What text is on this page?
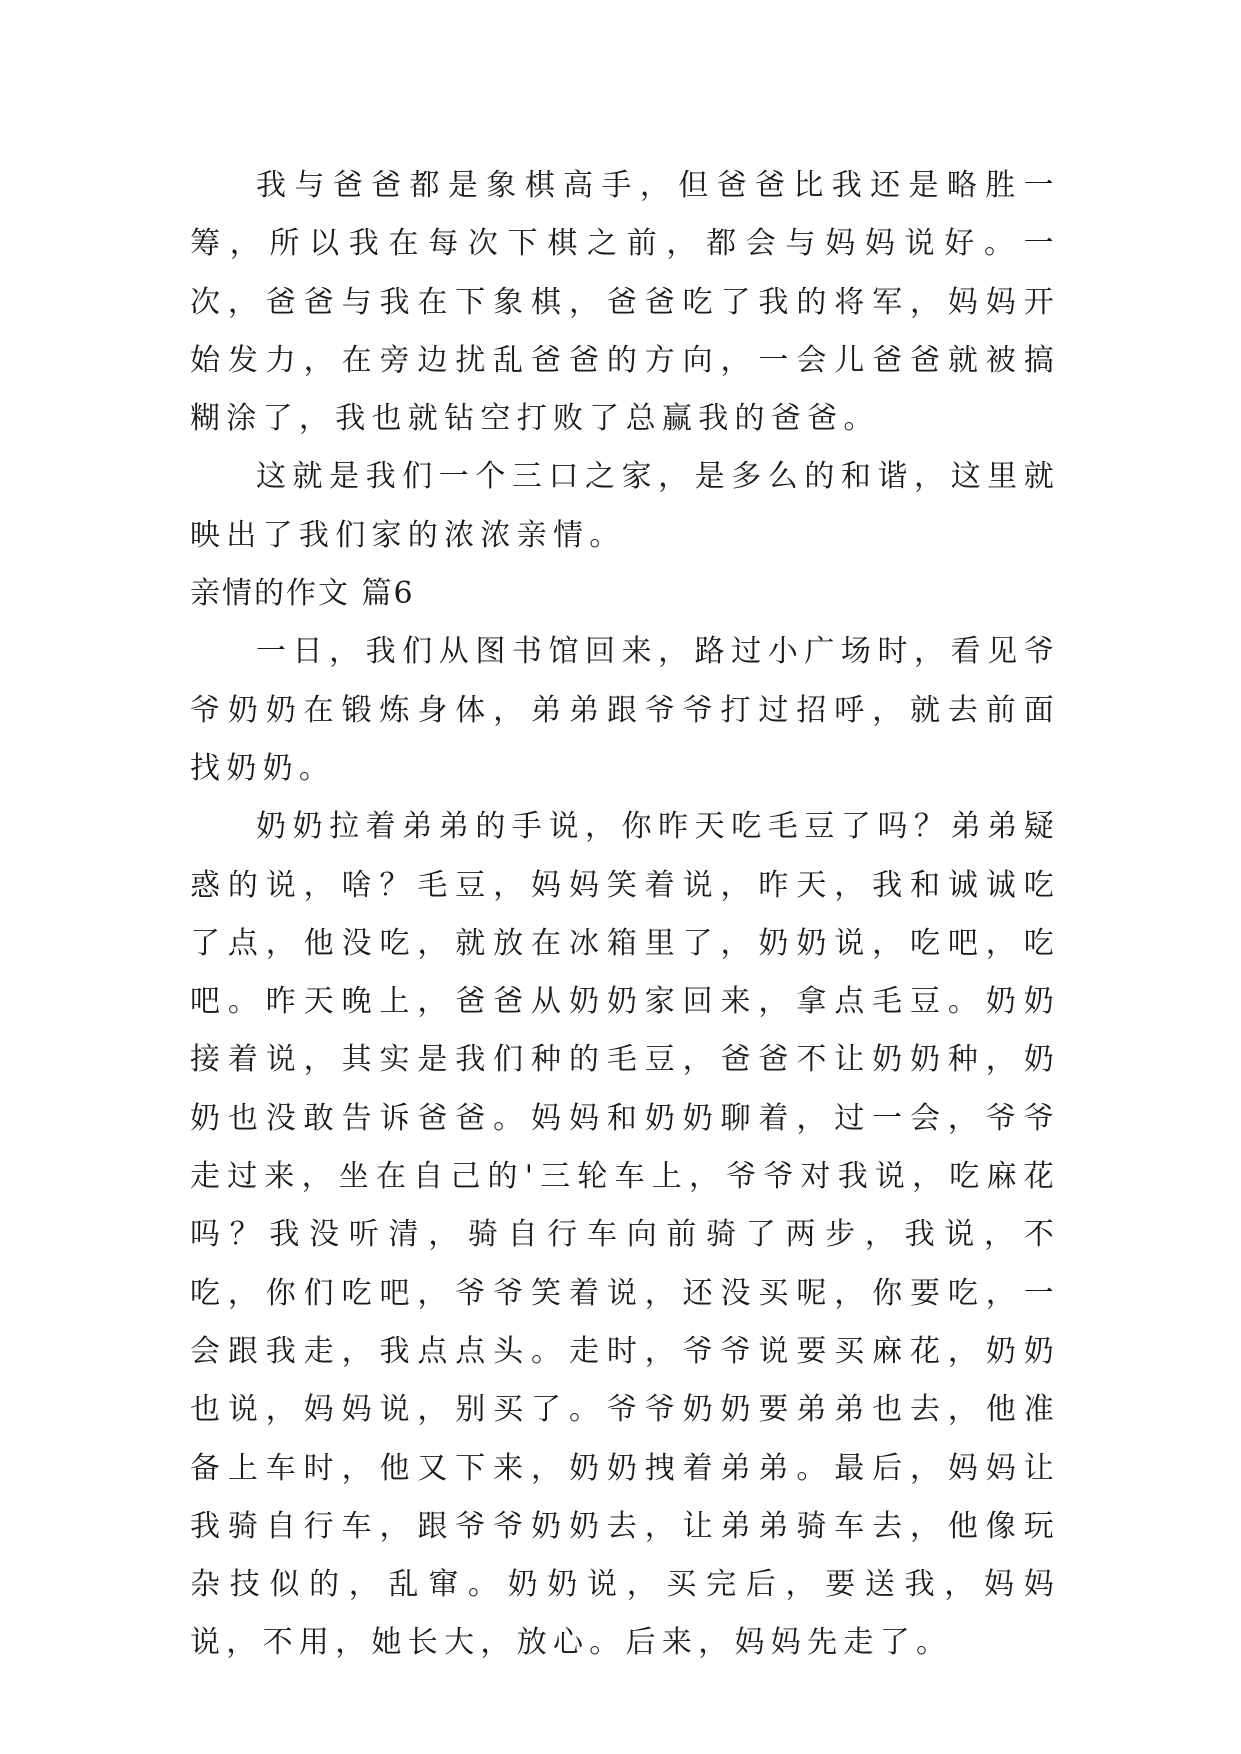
我与爸爸都是象棋高手，但爸爸比我还是略胜一筹，所以我在每次下棋之前，都会与妈妈说好。一次，爸爸与我在下象棋，爸爸吃了我的将军，妈妈开始发力，在旁边扰乱爸爸的方向，一会儿爸爸就被搞糊涂了，我也就钻空打败了总赢我的爸爸。

这就是我们一个三口之家，是多么的和谐，这里就映出了我们家的浓浓亲情。

亲情的作文 篇6

一日，我们从图书馆回来，路过小广场时，看见爷爷奶奶在锻炼身体，弟弟跟爷爷打过招呼，就去前面找奶奶。

奶奶拉着弟弟的手说，你昨天吃毛豆了吗？弟弟疑惑的说，啥？毛豆，妈妈笑着说，昨天，我和诚诚吃了点，他没吃，就放在冰箱里了，奶奶说，吃吧，吃吧。昨天晚上，爸爸从奶奶家回来，拿点毛豆。奶奶接着说，其实是我们种的毛豆，爸爸不让奶奶种，奶奶也没敢告诉爸爸。妈妈和奶奶聊着，过一会，爷爷走过来，坐在自己的'三轮车上，爷爷对我说，吃麻花吗？我没听清，骑自行车向前骑了两步，我说，不吃，你们吃吧，爷爷笑着说，还没买呢，你要吃，一会跟我走，我点点头。走时，爷爷说要买麻花，奶奶也说，妈妈说，别买了。爷爷奶奶要弟弟也去，他准备上车时，他又下来，奶奶拽着弟弟。最后，妈妈让我骑自行车，跟爷爷奶奶去，让弟弟骑车去，他像玩杂技似的，乱窜。奶奶说，买完后，要送我，妈妈说，不用，她长大，放心。后来，妈妈先走了。
